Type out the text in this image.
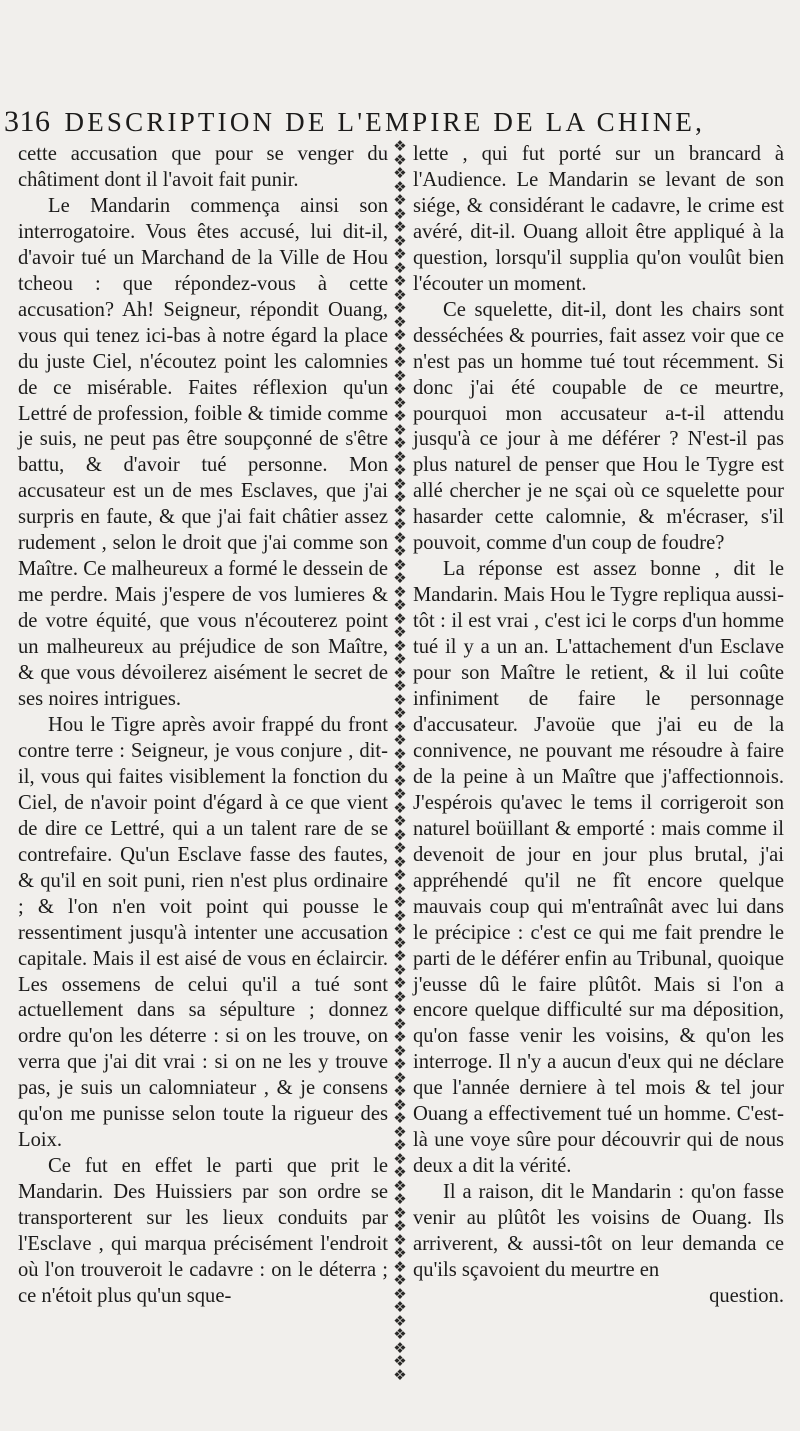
316 DESCRIPTION DE L'EMPIRE DE LA CHINE,

cette accusation que pour se venger du châtiment dont il l'avoit fait punir.

Le Mandarin commença ainsi son interrogatoire. Vous êtes accusé, lui dit-il, d'avoir tué un Marchand de la Ville de Hou tcheou : que répondez-vous à cette accusation? Ah! Seigneur, répondit Ouang, vous qui tenez ici-bas à notre égard la place du juste Ciel, n'écoutez point les calomnies de ce misérable. Faites réflexion qu'un Lettré de profession, foible & timide comme je suis, ne peut pas être soupçonné de s'être battu, & d'avoir tué personne. Mon accusateur est un de mes Esclaves, que j'ai surpris en faute, & que j'ai fait châtier assez rudement , selon le droit que j'ai comme son Maître. Ce malheureux a formé le dessein de me perdre. Mais j'espere de vos lumieres & de votre équité, que vous n'écouterez point un malheureux au préjudice de son Maître, & que vous dévoilerez aisément le secret de ses noires intrigues.

Hou le Tigre après avoir frappé du front contre terre : Seigneur, je vous conjure , dit-il, vous qui faites visiblement la fonction du Ciel, de n'avoir point d'égard à ce que vient de dire ce Lettré, qui a un talent rare de se contrefaire. Qu'un Esclave fasse des fautes, & qu'il en soit puni, rien n'est plus ordinaire ; & l'on n'en voit point qui pousse le ressentiment jusqu'à intenter une accusation capitale. Mais il est aisé de vous en éclaircir. Les ossemens de celui qu'il a tué sont actuellement dans sa sépulture ; donnez ordre qu'on les déterre : si on les trouve, on verra que j'ai dit vrai : si on ne les y trouve pas, je suis un calomniateur , & je consens qu'on me punisse selon toute la rigueur des Loix.

Ce fut en effet le parti que prit le Mandarin. Des Huissiers par son ordre se transporterent sur les lieux conduits par l'Esclave , qui marqua précisément l'endroit où l'on trouveroit le cadavre : on le déterra ; ce n'étoit plus qu'un sque-

❖
❖
❖
❖
❖
❖
❖
❖
❖
❖
❖
❖
❖
❖
❖
❖
❖
❖
❖
❖
❖
❖
❖
❖
❖
❖
❖
❖
❖
❖
❖
❖
❖
❖
❖
❖
❖
❖
❖
❖
❖
❖
❖
❖
❖
❖
❖
❖
❖
❖
❖
❖
❖
❖
❖
❖
❖
❖
❖
❖
❖
❖
❖
❖
❖
❖
❖
❖
❖
❖
❖
❖
❖
❖
❖
❖
❖
❖
❖
❖
❖
❖
❖
❖
❖
❖
❖
❖
❖
❖
❖
❖

lette , qui fut porté sur un brancard à l'Audience. Le Mandarin se levant de son siége, & considérant le cadavre, le crime est avéré, dit-il. Ouang alloit être appliqué à la question, lorsqu'il supplia qu'on voulût bien l'écouter un moment.

Ce squelette, dit-il, dont les chairs sont desséchées & pourries, fait assez voir que ce n'est pas un homme tué tout récemment. Si donc j'ai été coupable de ce meurtre, pourquoi mon accusateur a-t-il attendu jusqu'à ce jour à me déférer ? N'est-il pas plus naturel de penser que Hou le Tygre est allé chercher je ne sçai où ce squelette pour hasarder cette calomnie, & m'écraser, s'il pouvoit, comme d'un coup de foudre?

La réponse est assez bonne , dit le Mandarin. Mais Hou le Tygre repliqua aussi-tôt : il est vrai , c'est ici le corps d'un homme tué il y a un an. L'attachement d'un Esclave pour son Maître le retient, & il lui coûte infiniment de faire le personnage d'accusateur. J'avoüe que j'ai eu de la connivence, ne pouvant me résoudre à faire de la peine à un Maître que j'affectionnois. J'espérois qu'avec le tems il corrigeroit son naturel boüillant & emporté : mais comme il devenoit de jour en jour plus brutal, j'ai appréhendé qu'il ne fît encore quelque mauvais coup qui m'entraînât avec lui dans le précipice : c'est ce qui me fait prendre le parti de le déférer enfin au Tribunal, quoique j'eusse dû le faire plûtôt. Mais si l'on a encore quelque difficulté sur ma déposition, qu'on fasse venir les voisins, & qu'on les interroge. Il n'y a aucun d'eux qui ne déclare que l'année derniere à tel mois & tel jour Ouang a effectivement tué un homme. C'est-là une voye sûre pour découvrir qui de nous deux a dit la vérité.

Il a raison, dit le Mandarin : qu'on fasse venir au plûtôt les voisins de Ouang. Ils arriverent, & aussi-tôt on leur demanda ce qu'ils sçavoient du meurtre en

question.
